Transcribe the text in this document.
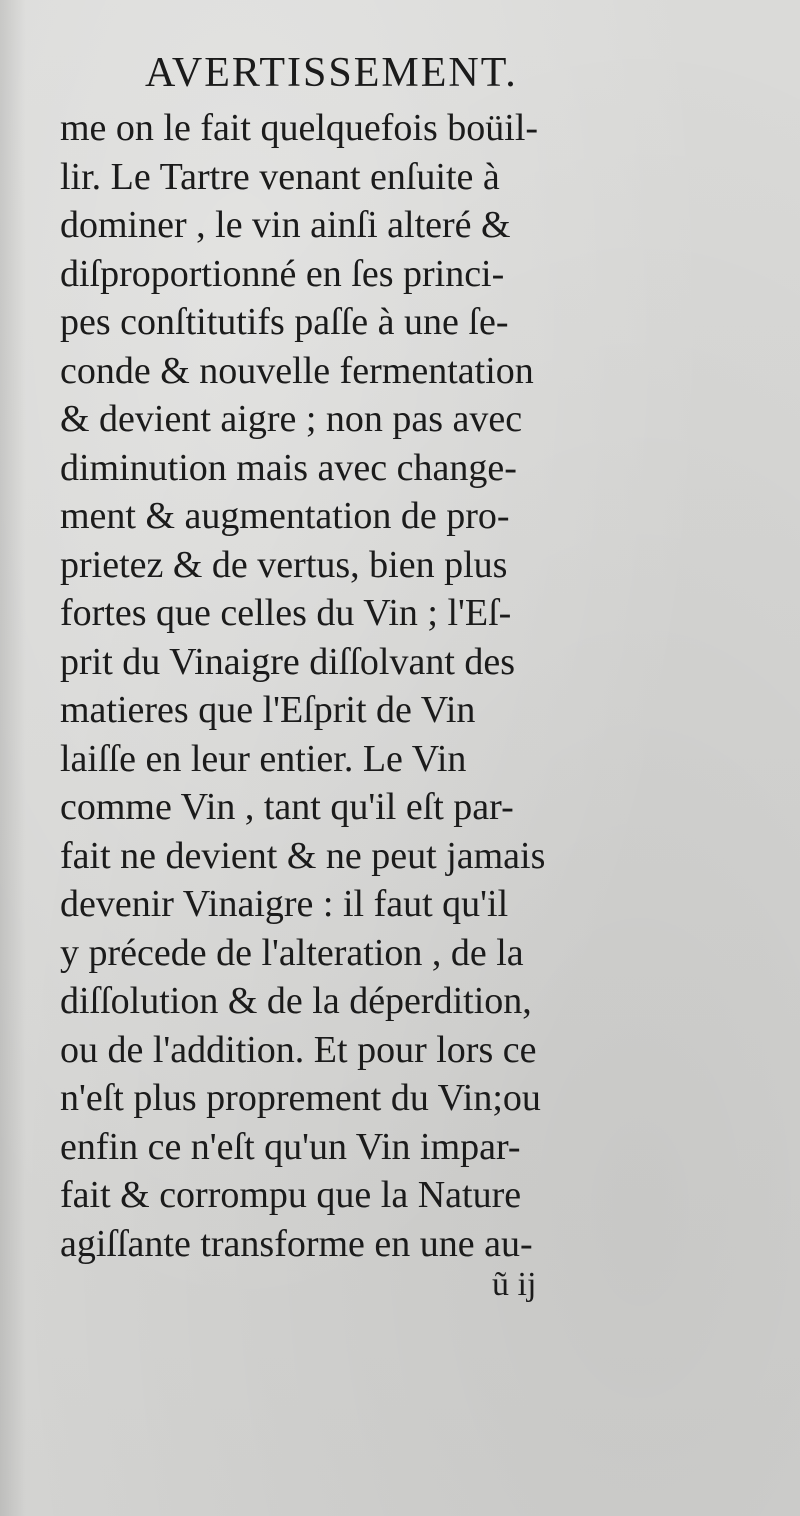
AVERTISSEMENT.
me on le fait quelquefois boüil-
lir. Le Tartre venant enſuite à
dominer , le vin ainſi alteré &
diſproportionné en ſes princi-
pes conſtitutifs paſſe à une ſe-
conde & nouvelle fermentation
& devient aigre ; non pas avec
diminution mais avec change-
ment & augmentation de pro-
prietez & de vertus, bien plus
fortes que celles du Vin ; l'Eſ-
prit du Vinaigre diſſolvant des
matieres que l'Eſprit de Vin
laiſſe en leur entier. Le Vin
comme Vin , tant qu'il eſt par-
fait ne devient & ne peut jamais
devenir Vinaigre : il faut qu'il
y précede de l'alteration , de la
diſſolution & de la déperdition,
ou de l'addition. Et pour lors ce
n'eſt plus proprement du Vin;ou
enfin ce n'eſt qu'un Vin impar-
fait & corrompu que la Nature
agiſſante transforme en une au-
ũ ij
